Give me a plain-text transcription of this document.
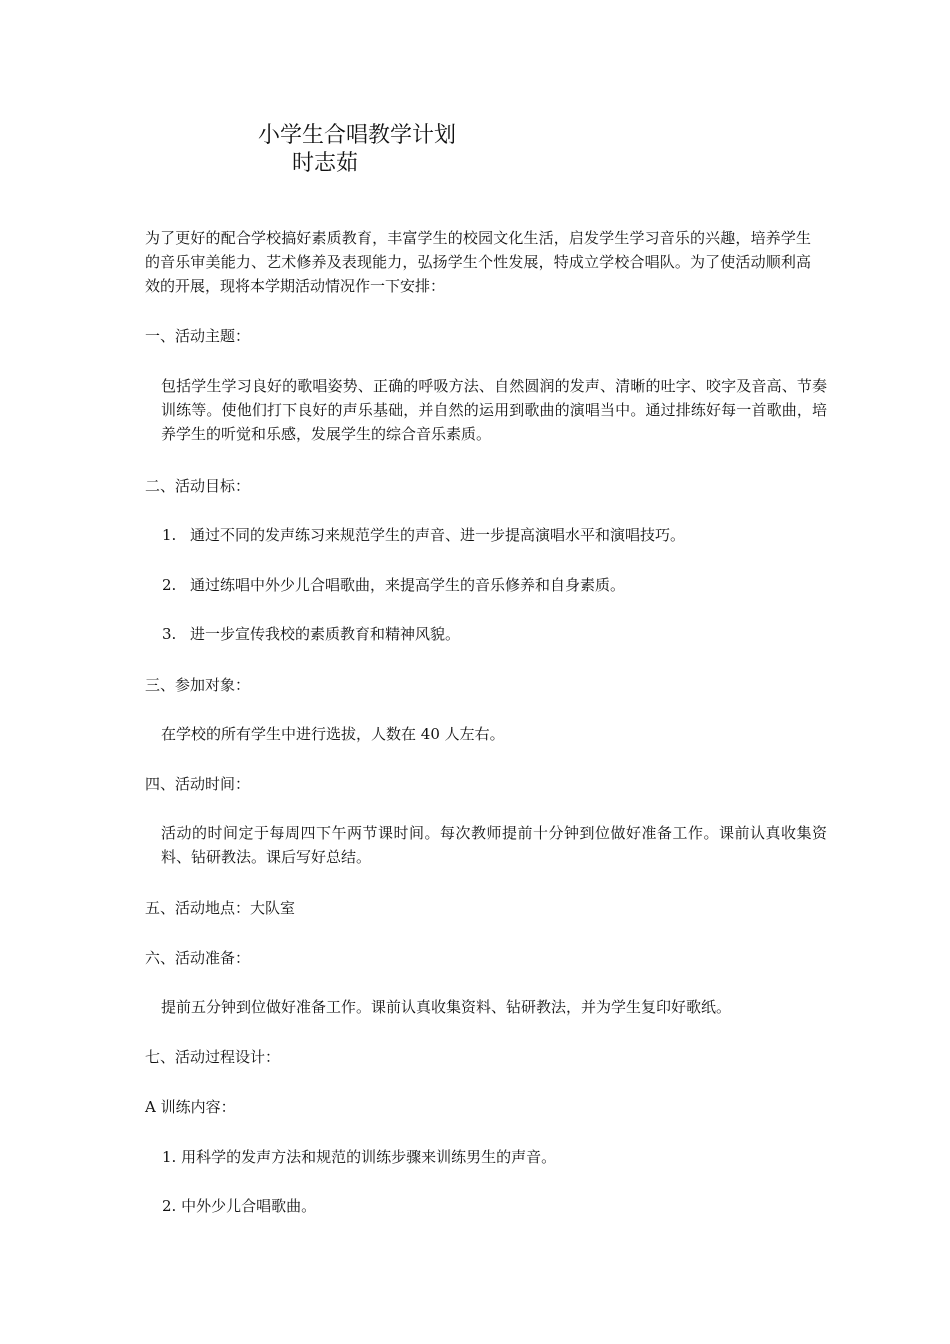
小学生合唱教学计划
时志茹

为了更好的配合学校搞好素质教育，丰富学生的校园文化生活，启发学生学习音乐的兴趣，培养学生的音乐审美能力、艺术修养及表现能力，弘扬学生个性发展，特成立学校合唱队。为了使活动顺利高效的开展，现将本学期活动情况作一下安排：

一、活动主题：

包括学生学习良好的歌唱姿势、正确的呼吸方法、自然圆润的发声、清晰的吐字、咬字及音高、节奏训练等。使他们打下良好的声乐基础，并自然的运用到歌曲的演唱当中。通过排练好每一首歌曲，培养学生的听觉和乐感，发展学生的综合音乐素质。

二、活动目标：

1. 通过不同的发声练习来规范学生的声音、进一步提高演唱水平和演唱技巧。
2. 通过练唱中外少儿合唱歌曲，来提高学生的音乐修养和自身素质。
3. 进一步宣传我校的素质教育和精神风貌。

三、参加对象：

在学校的所有学生中进行选拔，人数在 40 人左右。

四、活动时间：

活动的时间定于每周四下午两节课时间。每次教师提前十分钟到位做好准备工作。课前认真收集资料、钻研教法。课后写好总结。

五、活动地点：大队室

六、活动准备：

提前五分钟到位做好准备工作。课前认真收集资料、钻研教法，并为学生复印好歌纸。

七、活动过程设计：

A 训练内容：

1. 用科学的发声方法和规范的训练步骤来训练男生的声音。
2. 中外少儿合唱歌曲。
